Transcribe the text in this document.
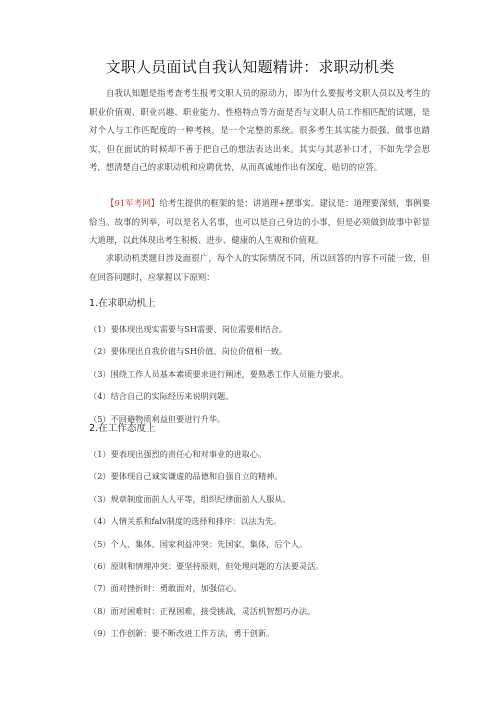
文职人员面试自我认知题精讲：求职动机类
自我认知题是指考查考生报考文职人员的原动力，即为什么要报考文职人员以及考生的职业价值观、职业兴趣、职业能力、性格特点等方面是否与文职人员工作相匹配的试题，是对个人与工作匹配度的一种考核，是一个完整的系统。很多考生其实能力很强，做事也踏实，但在面试的时候却不善于把自己的想法表达出来。其实与其恶补口才，不如先学会思考，想清楚自己的求职动机和应聘优势，从而真诚地作出有深度、贴切的应答。
【91军考网】给考生提供的框架的是：讲道理+摆事实。建议是：道理要深刻，事例要恰当。故事的列举，可以是名人名事，也可以是自己身边的小事，但是必须做到故事中彰显大道理，以此体现出考生积极、进步、健康的人生观和价值观。
求职动机类题目涉及面很广，每个人的实际情况不同，所以回答的内容不可能一致，但在回答问题时，应掌握以下原则：
1.在求职动机上
（1）要体现出现实需要与SH需要、岗位需要相结合。
（2）要体现出自我价值与SH价值、岗位价值相一致。
（3）围绕工作人员基本素质要求进行阐述，要熟悉工作人员能力要求。
（4）结合自己的实际经历来说明问题。
（5）不回避物质利益但要进行升华。
2.在工作态度上
（1）要表现出强烈的责任心和对事业的进取心。
（2）要体现自己诚实谦虚的品德和自强自立的精神。
（3）规章制度面前人人平等，组织纪律面前人人服从。
（4）人情关系和falv制度的选择和排序：以法为先。
（5）个人、集体、国家利益冲突：先国家、集体，后个人。
（6）原则和情理冲突：要坚持原则，但处理问题的方法要灵活。
（7）面对挫折时：勇敢面对，加强信心。
（8）面对困难时：正视困难，接受挑战，灵活机智想巧办法。
（9）工作创新：要不断改进工作方法，勇于创新。
